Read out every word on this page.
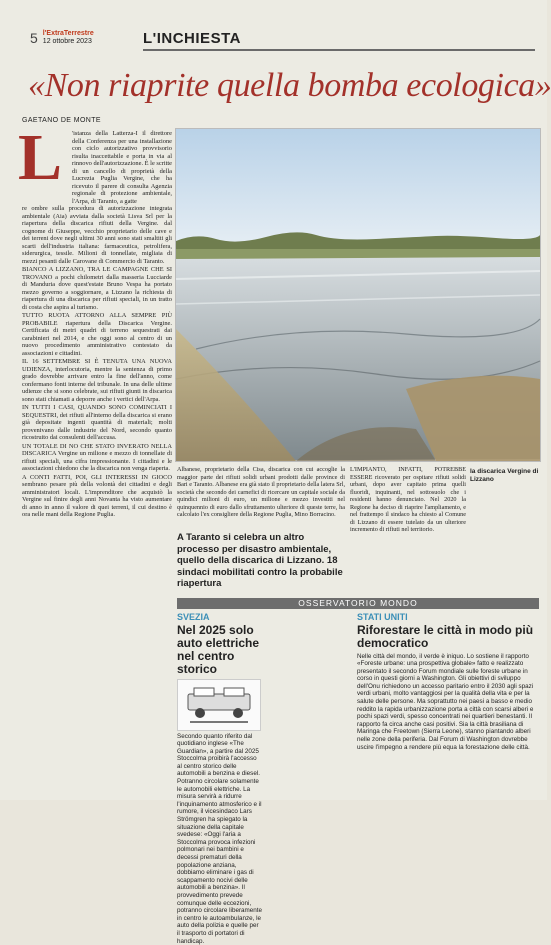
5 l'ExtraTerrestre
12 ottobre 2023	L'INCHIESTA
«Non riaprite quella bomba ecologica»
GAETANO DE MONTE
L 'istanza della Latterza-I il direttore della Conferenza per una installazione con ciclo autorizzativo provvisorio risulta inaccettabile e porta in via al rinnovo dell'autorizzazione. È le scritte di un cancello di proprietà della Lucrezia Puglia Vergine, che ha ricevuto il parere di consulta Agenzia regionale di protezione ambientale, l'Arpa, di Taranto, a gatte

re ombre sulla procedura di autorizzazione integrata ambientale (Aia) avviata dalla società Lisva Srl per la riapertura della discarica rifiuti della Vergine. dal cognome di Giuseppe, vecchio proprietario delle cave e dei terreni dove negli ultimi 30 anni sono stati smaltiti gli scarti dell'industria italiana: farmaceutica, petrolifera, siderurgica, tessile. Milioni di tonnellate, migliaia di mezzi pesanti dalle Carovane di Commercio di Taranto.

BIANCO A LIZZANO, TRA LE CAMPAGNE CHE SI TROVANO a pochi chilometri dalla masseria Lucciarde di Manduria dove quest'estate Bruno Vespa ha portato mezzo governo a soggiornare, a Lizzano la richiesta di riapertura di una discarica per rifiuti speciali, in un tratto di costa che aspira al turismo.

TUTTO RUOTA ATTORNO ALLA SEMPRE PIÙ PROBABILE riapertura della Discarica Vergine. Certificata di metri quadri di terreno sequestrati dai carabinieri nel 2014, e che oggi sono al centro di un nuovo procedimento amministrativo contestato da associazioni e cittadini.

IL 16 SETTEMBRE SI È TENUTA UNA NUOVA UDIENZA, interlocutoria, mentre la sentenza di primo grado dovrebbe arrivare entro la fine dell'anno, come confermano fonti interne del tribunale. In una delle ultime udienze che si sono celebrate, sui rifiuti giunti in discarica sono stati chiamati a deporre anche i vertici dell'Arpa.

IN TUTTI I CASI, QUANDO SONO COMINCIATI I SEQUESTRI, dei rifiuti all'interno della discarica si erano già depositate ingenti quantità di materiali; molti provenivano dalle industrie del Nord, secondo quanto ricostruito dai consulenti dell'accusa.

UN TOTALE DI NO CHE STATO INVERATO NELLA DISCARICA Vergine un milione e mezzo di tonnellate di rifiuti speciali, una cifra impressionante. I cittadini e le associazioni chiedono che la discarica non venga riaperta.

A CONTI FATTI, POI, GLI INTERESSI IN GIOCO sembrano pesare più della volontà dei cittadini e degli amministratori locali. L'imprenditore che acquistò la Vergine sul finire degli anni Novanta ha visto aumentare di anno in anno il valore di quei terreni, il cui destino è ora nelle mani della Regione Puglia.

Albanese, proprietario della Cisa, discarica con cui accoglie la maggior parte dei rifiuti solidi urbani prodotti dalle province di Bari e Taranto. Albanese era già stato il proprietario della latera Srl, società che secondo dei carnefici di ricercare un capitale sociale da quindici milioni di euro, un milione e mezzo investiti nel quinquennio di euro dallo sfruttamento ulteriore di queste terre, ha calcolato l'ex consigliere della Regione Puglia, Mino Borracino.
L'IMPIANTO, INFATTI, POTREBBE ESSERE ricoverato per ospitare rifiuti solidi urbani, dopo aver capitato prima quelli fluoridi, inquinanti, nel sottosuolo che i residenti hanno denunciato. Nel 2020 la Regione ha deciso di riaprire l'ampliamento, e nel frattempo il sindaco ha chiesto al Comune di Lizzano di essere tutelato da un ulteriore incremento di rifiuti nel territorio.
la discarica Vergine di Lizzano
A Taranto si celebra un altro processo per disastro ambientale, quello della discarica di Lizzano. 18 sindaci mobilitati contro la probabile riapertura
OSSERVATORIO MONDO
SVEZIA
Nel 2025 solo auto elettriche nel centro storico
Secondo quanto riferito dal quotidiano inglese «The Guardian», a partire dal 2025 Stoccolma proibirà l'accesso al centro storico delle automobili a benzina e diesel. Potranno circolare solamente le automobili elettriche. La misura servirà a ridurre l'inquinamento atmosferico e il rumore, il vicesindaco Lars Strömgren ha spiegato la situazione della capitale svedese: «Oggi l'aria a Stoccolma provoca infezioni polmonari nei bambini e decessi prematuri della popolazione anziana, dobbiamo eliminare i gas di scappamento nocivi delle automobili a benzina». Il provvedimento prevede comunque delle eccezioni, potranno circolare liberamente in centro le autoambulanze, le auto della polizia e quelle per il trasporto di portatori di handicap.
STATI UNITI
Riforestare le città in modo più democratico
Nelle città del mondo, il verde è iniquo. Lo sostiene il rapporto «Foreste urbane: una prospettiva globale» fatto e realizzato presentato il secondo Forum mondiale sulle foreste urbane in corso in questi giorni a Washington. Gli obiettivi di sviluppo dell'Onu richiedono un accesso paritario entro il 2030 agli spazi verdi urbani, molto vantaggiosi per la qualità della vita e per la salute delle persone. Ma soprattutto nei paesi a basso e medio reddito la rapida urbanizzazione porta a città con scarsi alberi e pochi spazi verdi, spesso concentrati nei quartieri benestanti. Il rapporto fa circa anche casi positivi. Sia la città brasiliana di Maringa che Freetown (Sierra Leone), stanno piantando alberi nelle zone della periferia. Dal Forum di Washington dovrebbe uscire l'impegno a rendere più equa la forestazione delle città.
